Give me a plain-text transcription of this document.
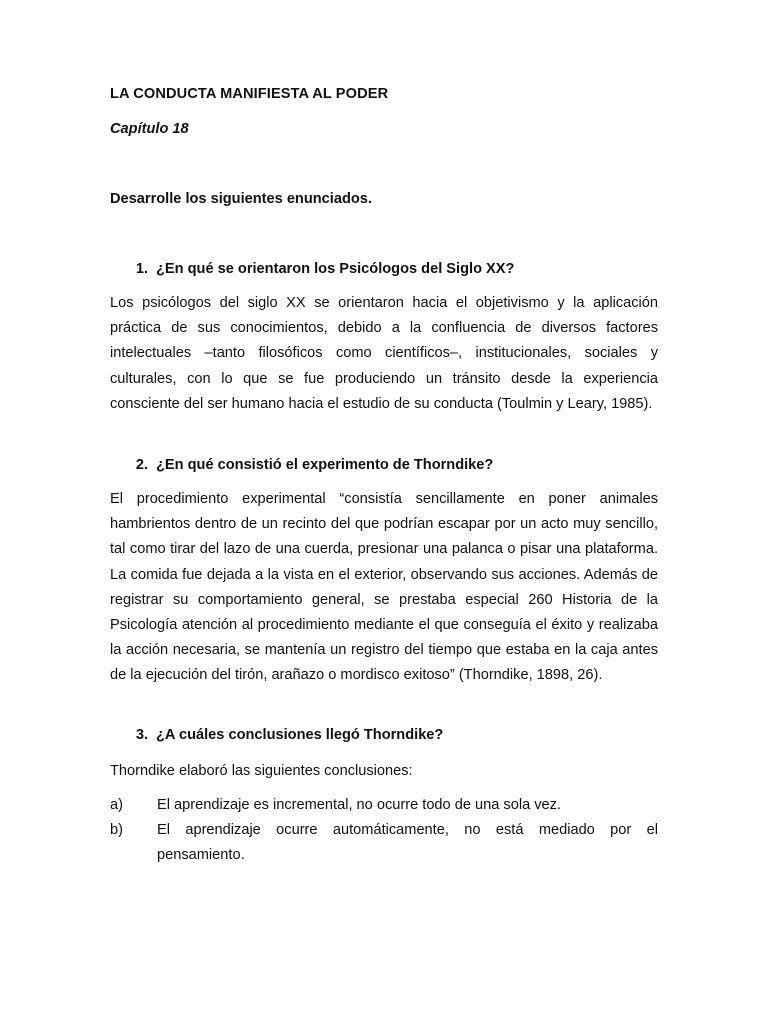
LA CONDUCTA MANIFIESTA AL PODER
Capítulo 18
Desarrolle los siguientes enunciados.
1. ¿En qué se orientaron los Psicólogos del Siglo XX?
Los psicólogos del siglo XX se orientaron hacia el objetivismo y la aplicación práctica de sus conocimientos, debido a la confluencia de diversos factores intelectuales –tanto filosóficos como científicos–, institucionales, sociales y culturales, con lo que se fue produciendo un tránsito desde la experiencia consciente del ser humano hacia el estudio de su conducta (Toulmin y Leary, 1985).
2. ¿En qué consistió el experimento de Thorndike?
El procedimiento experimental “consistía sencillamente en poner animales hambrientos dentro de un recinto del que podrían escapar por un acto muy sencillo, tal como tirar del lazo de una cuerda, presionar una palanca o pisar una plataforma. La comida fue dejada a la vista en el exterior, observando sus acciones. Además de registrar su comportamiento general, se prestaba especial 260 Historia de la Psicología atención al procedimiento mediante el que conseguía el éxito y realizaba la acción necesaria, se mantenía un registro del tiempo que estaba en la caja antes de la ejecución del tirón, arañazo o mordisco exitoso” (Thorndike, 1898, 26).
3. ¿A cuáles conclusiones llegó Thorndike?
Thorndike elaboró las siguientes conclusiones:
a)	El aprendizaje es incremental, no ocurre todo de una sola vez.
b)	El aprendizaje ocurre automáticamente, no está mediado por el pensamiento.
